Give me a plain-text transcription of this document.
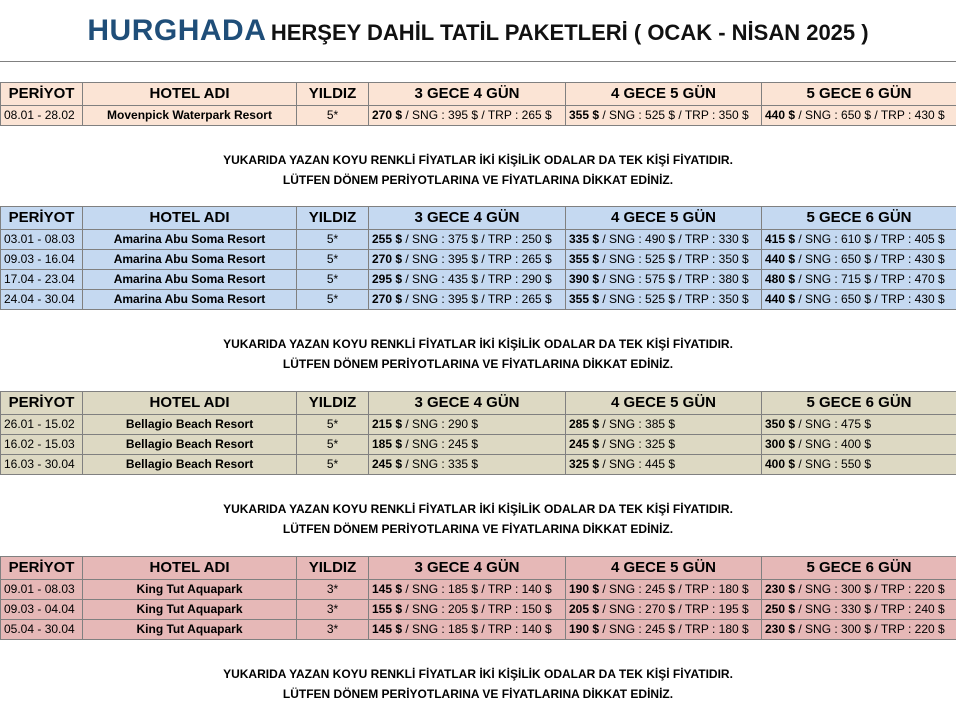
HURGHADA HERŞEY DAHİL TATİL PAKETLERİ ( OCAK - NİSAN 2025 )
PERİYOT	HOTEL ADI	YILDIZ	3 GECE 4 GÜN	4 GECE 5 GÜN	5 GECE 6 GÜN
08.01 - 28.02	Movenpick Waterpark Resort	5*	270 $ / SNG : 395 $ / TRP : 265 $	355 $ / SNG : 525 $ / TRP : 350 $	440 $ / SNG : 650 $ / TRP : 430 $
YUKARIDA YAZAN KOYU RENKLİ FİYATLAR İKİ KİŞİLİK ODALAR DA TEK KİŞİ FİYATIDIR.
LÜTFEN DÖNEM PERİYOTLARINA VE FİYATLARINA DİKKAT EDİNİZ.
PERİYOT	HOTEL ADI	YILDIZ	3 GECE 4 GÜN	4 GECE 5 GÜN	5 GECE 6 GÜN
03.01 - 08.03	Amarina Abu Soma Resort	5*	255 $ / SNG : 375 $ / TRP : 250 $	335 $ / SNG : 490 $ / TRP : 330 $	415 $ / SNG : 610 $ / TRP : 405 $
09.03 - 16.04	Amarina Abu Soma Resort	5*	270 $ / SNG : 395 $ / TRP : 265 $	355 $ / SNG : 525 $ / TRP : 350 $	440 $ / SNG : 650 $ / TRP : 430 $
17.04 - 23.04	Amarina Abu Soma Resort	5*	295 $ / SNG : 435 $ / TRP : 290 $	390 $ / SNG : 575 $ / TRP : 380 $	480 $ / SNG : 715 $ / TRP : 470 $
24.04 - 30.04	Amarina Abu Soma Resort	5*	270 $ / SNG : 395 $ / TRP : 265 $	355 $ / SNG : 525 $ / TRP : 350 $	440 $ / SNG : 650 $ / TRP : 430 $
YUKARIDA YAZAN KOYU RENKLİ FİYATLAR İKİ KİŞİLİK ODALAR DA TEK KİŞİ FİYATIDIR.
LÜTFEN DÖNEM PERİYOTLARINA VE FİYATLARINA DİKKAT EDİNİZ.
PERİYOT	HOTEL ADI	YILDIZ	3 GECE 4 GÜN	4 GECE 5 GÜN	5 GECE 6 GÜN
26.01 - 15.02	Bellagio Beach Resort	5*	215 $ / SNG : 290 $	285 $ / SNG : 385 $	350 $ / SNG : 475 $
16.02 - 15.03	Bellagio Beach Resort	5*	185 $ / SNG : 245 $	245 $ / SNG : 325 $	300 $ / SNG : 400 $
16.03 - 30.04	Bellagio Beach Resort	5*	245 $ / SNG : 335 $	325 $ / SNG : 445 $	400 $ / SNG : 550 $
YUKARIDA YAZAN KOYU RENKLİ FİYATLAR İKİ KİŞİLİK ODALAR DA TEK KİŞİ FİYATIDIR.
LÜTFEN DÖNEM PERİYOTLARINA VE FİYATLARINA DİKKAT EDİNİZ.
PERİYOT	HOTEL ADI	YILDIZ	3 GECE 4 GÜN	4 GECE 5 GÜN	5 GECE 6 GÜN
09.01 - 08.03	King Tut Aquapark	3*	145 $ / SNG : 185 $ / TRP : 140 $	190 $ / SNG : 245 $ / TRP : 180 $	230 $ / SNG : 300 $ / TRP : 220 $
09.03 - 04.04	King Tut Aquapark	3*	155 $ / SNG : 205 $ / TRP : 150 $	205 $ / SNG : 270 $ / TRP : 195 $	250 $ / SNG : 330 $ / TRP : 240 $
05.04 - 30.04	King Tut Aquapark	3*	145 $ / SNG : 185 $ / TRP : 140 $	190 $ / SNG : 245 $ / TRP : 180 $	230 $ / SNG : 300 $ / TRP : 220 $
YUKARIDA YAZAN KOYU RENKLİ FİYATLAR İKİ KİŞİLİK ODALAR DA TEK KİŞİ FİYATIDIR.
LÜTFEN DÖNEM PERİYOTLARINA VE FİYATLARINA DİKKAT EDİNİZ.
